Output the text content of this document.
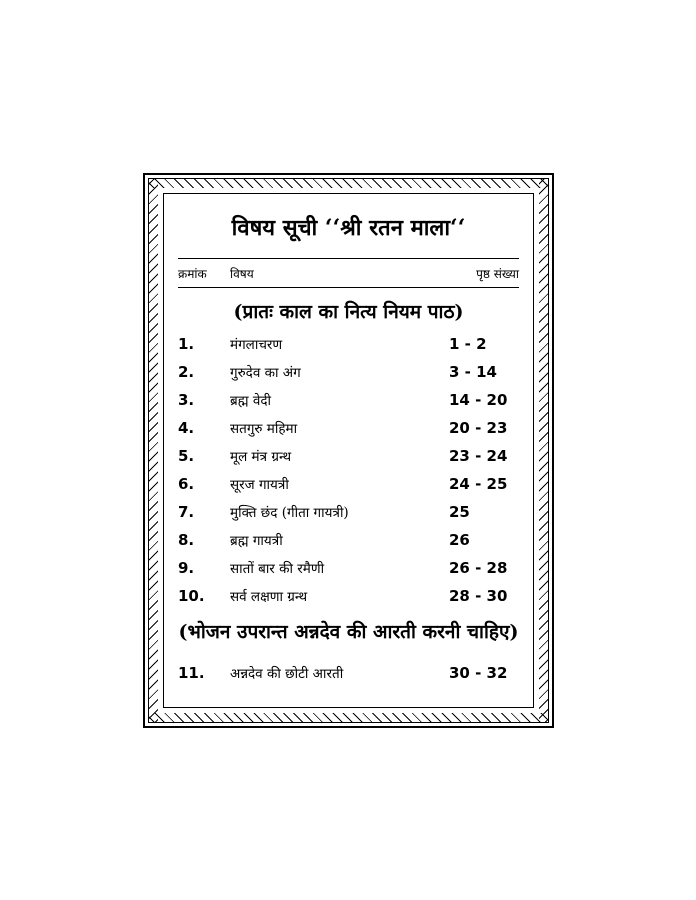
विषय सूची ‘‘श्री रतन माला‘‘
क्रमांक	विषय	पृष्ठ संख्या
(प्रातः काल का नित्य नियम पाठ)
1.	मंगलाचरण	1 - 2
2.	गुरुदेव का अंग	3 - 14
3.	ब्रह्म वेदी	14 - 20
4.	सतगुरु महिमा	20 - 23
5.	मूल मंत्र ग्रन्थ	23 - 24
6.	सूरज गायत्री	24 - 25
7.	मुक्ति छंद (गीता गायत्री)	25
8.	ब्रह्म गायत्री	26
9.	सातों बार की रमैणी	26 - 28
10.	सर्व लक्षणा ग्रन्थ	28 - 30
(भोजन उपरान्त अन्नदेव की आरती करनी चाहिए)
11.	अन्नदेव की छोटी आरती	30 - 32
